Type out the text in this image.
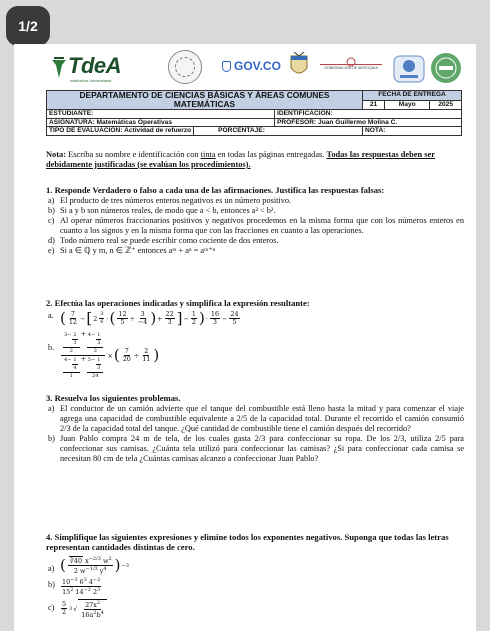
1/2
TdeA
Institución Universitaria
GOV.CO	GOBERNACIÓN DE ANTIOQUIA
DEPARTAMENTO DE CIENCIAS BÁSICAS Y ÁREAS COMUNES			FECHA DE ENTREGA		
MATEMÁTICAS			21	Mayo	2025
ESTUDIANTE:		IDENTIFICACIÓN:			
ASIGNATURA: Matemáticas Operativas		PROFESOR: Juan Guillermo Molina C.			
TIPO DE EVALUACIÓN: Actividad de refuerzo	PORCENTAJE:		NOTA:		
Nota: Escriba su nombre e identificación con tinta en todas las páginas entregadas. Todas las respuestas deben ser debidamente justificadas (se evalúan los procedimientos).
1. Responde Verdadero o falso a cada una de las afirmaciones. Justifica las respuestas falsas:
a) El producto de tres números enteros negativos es un número positivo.
b) Si a y b son números reales, de modo que a < b, entonces a² < b².
c) Al operar números fraccionarios positivos y negativos procedemos en la misma forma que con los números enteros en cuanto a los signos y en la misma forma que con las fracciones en cuanto a las operaciones.
d) Todo número real se puede escribir como cociente de dos enteros.
e) Si a ∈ ℚ y m, n ∈ ℤ⁺ entonces aᵐ + aⁿ = aᵐ⁺ⁿ
2. Efectúa las operaciones indicadas y simplifica la expresión resultante:
a. ( $\frac{7}{12}$ − [ $2 \frac{3}{6}$ · ( $\frac{12}{5} \div \frac{3}{-4}$ ) + $\frac{22}{3}$ ] − $\frac{1}{2}$ ) · $\frac{16}{3} - \frac{24}{5}$
b.	$\frac{\frac{3- \frac{2}{3}}{2} + \frac{4- \frac{1}{3}}{3}}{\frac{4- \frac{1}{4}}{1} + \frac{5- \frac{1}{3}}{24}}$ × ( $\frac{7}{20} \div \frac{2}{11}$ )
3. Resuelva los siguientes problemas.
a) El conductor de un camión advierte que el tanque del combustible está lleno hasta la mitad y para comenzar el viaje agrega una capacidad de combustible equivalente a 2/5 de la capacidad total. Durante el recorrido el camión consumió 2/3 de la capacidad total del tanque. ¿Qué cantidad de combustible tiene el camión después del recorrido?
b) Juan Pablo compra 24 m de tela, de los cuales gasta 2/3 para confeccionar su ropa. De los 2/3, utiliza 2/5 para confeccionar sus camisas. ¿Cuánta tela utilizó para confeccionar las camisas? ¿Si para confeccionar cada camisa se necesitan 80 cm de tela ¿Cuántas camisas alcanzo a confeccionar Juan Pablo?
4. Simplifique las siguientes expresiones y elimine todos los exponentes negativos. Suponga que todas las letras representan cantidades distintas de cero.
a) ( $\frac{∛40 x^{-2/3} w^2}{2 w^{-1/3} y^4}$ ) −3
$b) \frac{10^{-3} 6^3 4^{-2}}{15^2 14^{-2} 2^3}$
c)	$\frac{5}{2} 3$ √ $\frac{27x^2}{16a^2b^4}$
